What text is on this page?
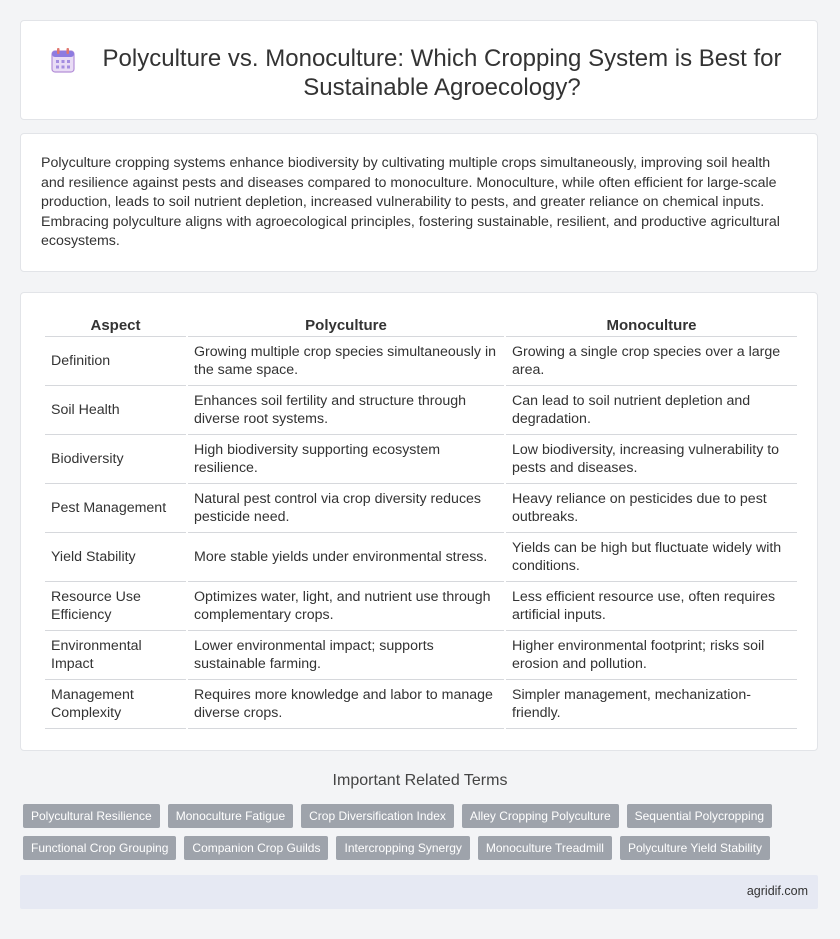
Polyculture vs. Monoculture: Which Cropping System is Best for Sustainable Agroecology?

Polyculture cropping systems enhance biodiversity by cultivating multiple crops simultaneously, improving soil health and resilience against pests and diseases compared to monoculture. Monoculture, while often efficient for large-scale production, leads to soil nutrient depletion, increased vulnerability to pests, and greater reliance on chemical inputs. Embracing polyculture aligns with agroecological principles, fostering sustainable, resilient, and productive agricultural ecosystems.

Aspect	Polyculture	Monoculture
Definition	Growing multiple crop species simultaneously in the same space.	Growing a single crop species over a large area.
Soil Health	Enhances soil fertility and structure through diverse root systems.	Can lead to soil nutrient depletion and degradation.
Biodiversity	High biodiversity supporting ecosystem resilience.	Low biodiversity, increasing vulnerability to pests and diseases.
Pest Management	Natural pest control via crop diversity reduces pesticide need.	Heavy reliance on pesticides due to pest outbreaks.
Yield Stability	More stable yields under environmental stress.	Yields can be high but fluctuate widely with conditions.
Resource Use Efficiency	Optimizes water, light, and nutrient use through complementary crops.	Less efficient resource use, often requires artificial inputs.
Environmental Impact	Lower environmental impact; supports sustainable farming.	Higher environmental footprint; risks soil erosion and pollution.
Management Complexity	Requires more knowledge and labor to manage diverse crops.	Simpler management, mechanization-friendly.
Important Related Terms
Polycultural Resilience	Monoculture Fatigue	Crop Diversification Index	Alley Cropping Polyculture	Sequential Polycropping
Functional Crop Grouping	Companion Crop Guilds	Intercropping Synergy	Monoculture Treadmill	Polyculture Yield Stability
agridif.com
